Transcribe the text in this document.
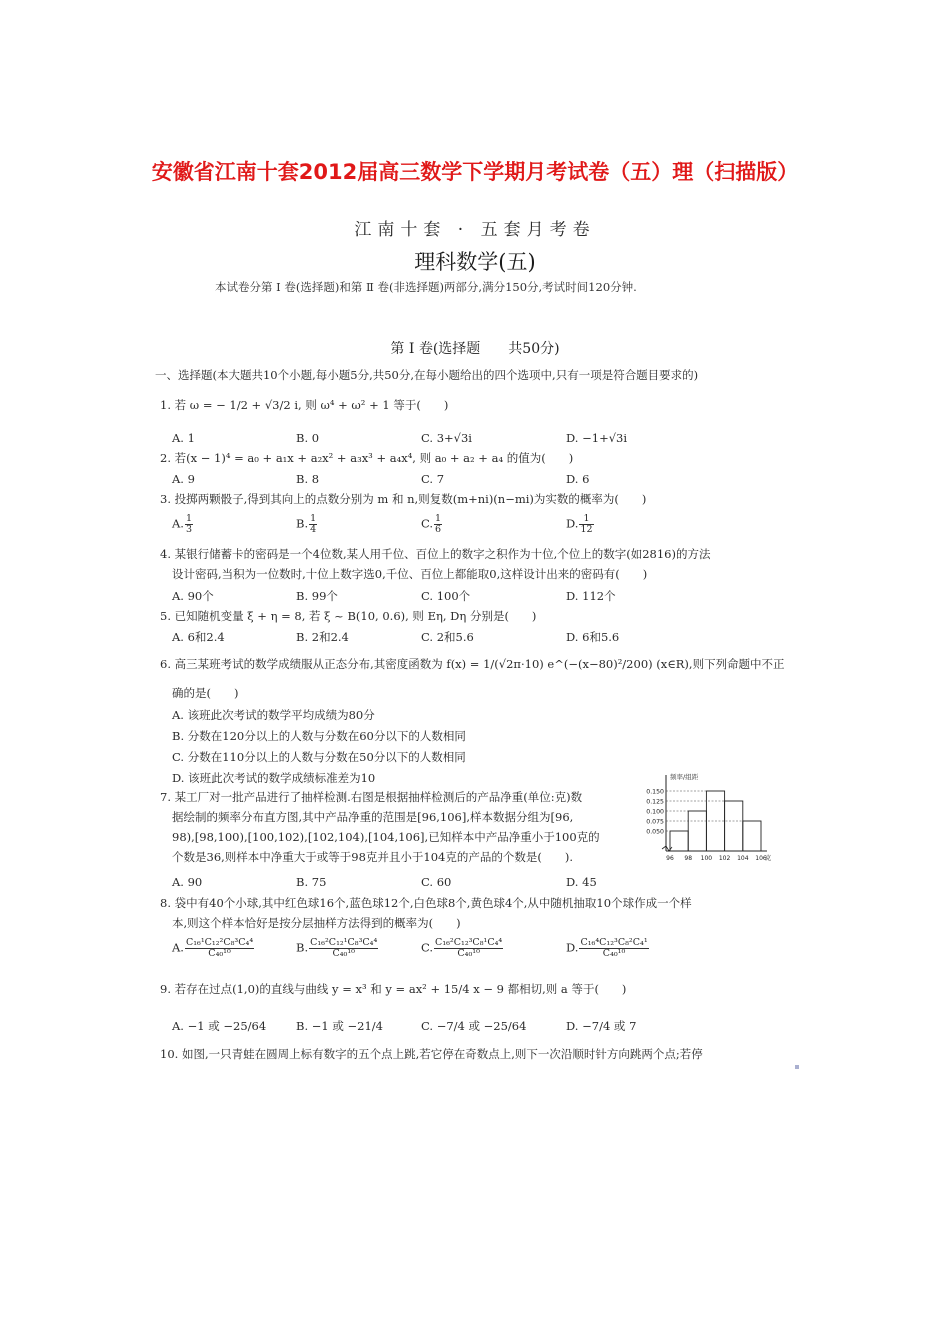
安徽省江南十套2012届高三数学下学期月考试卷（五）理（扫描版）
江南十套 · 五套月考卷
理科数学(五)
本试卷分第 Ⅰ 卷(选择题)和第 Ⅱ 卷(非选择题)两部分,满分150分,考试时间120分钟.
第 Ⅰ 卷(选择题　　共50分)
一、选择题(本大题共10个小题,每小题5分,共50分,在每小题给出的四个选项中,只有一项是符合题目要求的)
1. 若 ω = − 1/2 + √3/2 i, 则 ω⁴ + ω² + 1 等于(　　)
A. 1	B. 0	C. 3+√3i	D. −1+√3i
2. 若(x − 1)⁴ = a₀ + a₁x + a₂x² + a₃x³ + a₄x⁴, 则 a₀ + a₂ + a₄ 的值为(　　)
A. 9	B. 8	C. 7	D. 6
3. 投掷两颗骰子,得到其向上的点数分别为 m 和 n,则复数(m+ni)(n−mi)为实数的概率为(　　)
A. $\frac{1}{3}$	B. $\frac{1}{4}$	C. $\frac{1}{6}$	D. $\frac{1}{12}$
4. 某银行储蓄卡的密码是一个4位数,某人用千位、百位上的数字之积作为十位,个位上的数字(如2816)的方法
设计密码,当积为一位数时,十位上数字选0,千位、百位上都能取0,这样设计出来的密码有(　　)
A. 90个	B. 99个	C. 100个	D. 112个
5. 已知随机变量 ξ + η = 8, 若 ξ ~ B(10, 0.6), 则 Eη, Dη 分别是(　　)
A. 6和2.4	B. 2和2.4	C. 2和5.6	D. 6和5.6
6. 高三某班考试的数学成绩服从正态分布,其密度函数为 f(x) = 1/(√2π·10) e^(−(x−80)²/200) (x∈R),则下列命题中不正
确的是(　　)
A. 该班此次考试的数学平均成绩为80分
B. 分数在120分以上的人数与分数在60分以下的人数相同
C. 分数在110分以上的人数与分数在50分以下的人数相同
D. 该班此次考试的数学成绩标准差为10
7. 某工厂对一批产品进行了抽样检测.右图是根据抽样检测后的产品净重(单位:克)数
据绘制的频率分布直方图,其中产品净重的范围是[96,106],样本数据分组为[96,
98),[98,100),[100,102),[102,104),[104,106],已知样本中产品净重小于100克的
个数是36,则样本中净重大于或等于98克并且小于104克的产品的个数是(　　).
A. 90	B. 75	C. 60	D. 45
频率/组距
0.150
0.125
0.100
0.075
0.050
96 98 100 102 104 106
克
8. 袋中有40个小球,其中红色球16个,蓝色球12个,白色球8个,黄色球4个,从中随机抽取10个球作成一个样
本,则这个样本恰好是按分层抽样方法得到的概率为(　　)
A. $\frac{\text{C₁₆¹C₁₂²C₈³C₄⁴}}{\text{C₄₀¹⁰}}$	B. $\frac{\text{C₁₆²C₁₂¹C₈³C₄⁴}}{\text{C₄₀¹⁰}}$	C. $\frac{\text{C₁₆²C₁₂³C₈¹C₄⁴}}{\text{C₄₀¹⁰}}$	D. $\frac{\text{C₁₆⁴C₁₂³C₈²C₄¹}}{\text{C₄₀¹⁰}}$
9. 若存在过点(1,0)的直线与曲线 y = x³ 和 y = ax² + 15/4 x − 9 都相切,则 a 等于(　　)
A. −1 或 −25/64	B. −1 或 −21/4	C. −7/4 或 −25/64	D. −7/4 或 7
10. 如图,一只青蛙在圆周上标有数字的五个点上跳,若它停在奇数点上,则下一次沿顺时针方向跳两个点;若停
